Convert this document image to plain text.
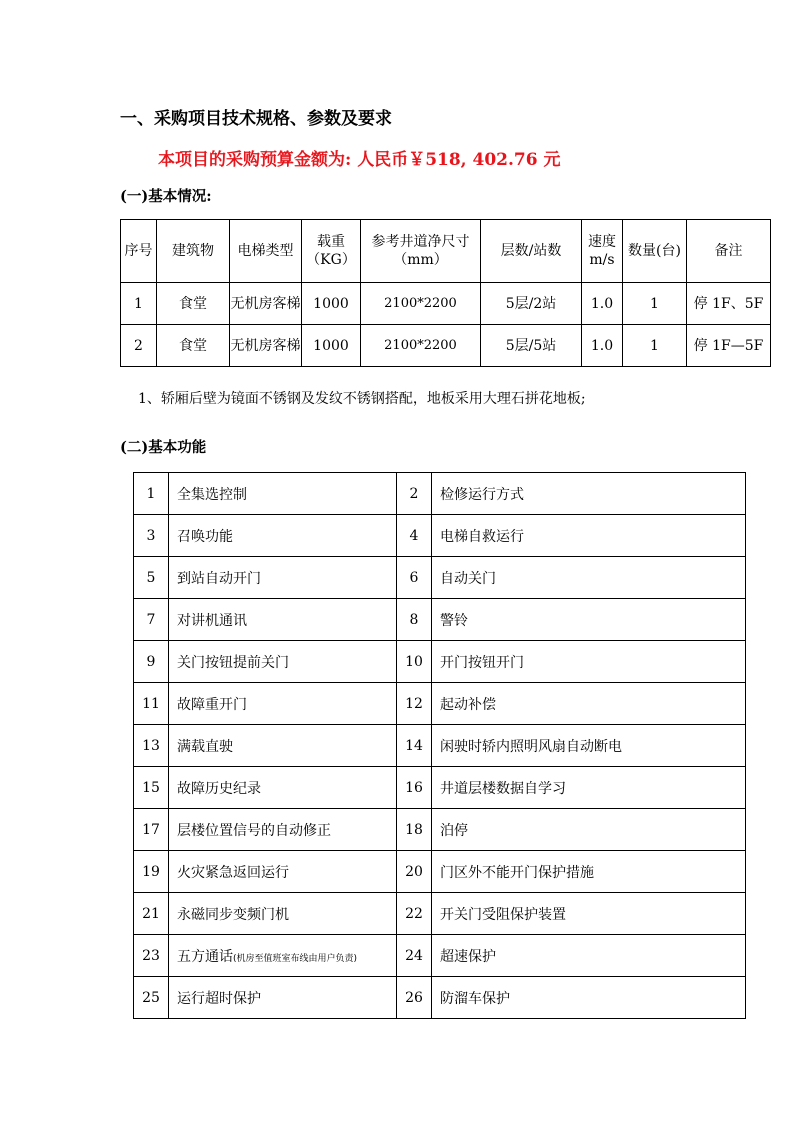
一、采购项目技术规格、参数及要求
本项目的采购预算金额为: 人民币￥518, 402.76 元
(一)基本情况:
序号	建筑物	电梯类型	载重（KG）	参考井道净尺寸（mm）	层数/站数	速度m/s	数量(台)	备注
1	食堂	无机房客梯	1000	2100*2200	5层/2站	1.0	1	停 1F、5F
2	食堂	无机房客梯	1000	2100*2200	5层/5站	1.0	1	停 1F—5F
1、轿厢后壁为镜面不锈钢及发纹不锈钢搭配，地板采用大理石拼花地板;
(二)基本功能
1	全集选控制	2	检修运行方式
3	召唤功能	4	电梯自救运行
5	到站自动开门	6	自动关门
7	对讲机通讯	8	警铃
9	关门按钮提前关门	10	开门按钮开门
11	故障重开门	12	起动补偿
13	满载直驶	14	闲驶时轿内照明风扇自动断电
15	故障历史纪录	16	井道层楼数据自学习
17	层楼位置信号的自动修正	18	泊停
19	火灾紧急返回运行	20	门区外不能开门保护措施
21	永磁同步变频门机	22	开关门受阻保护装置
23	五方通话(机房至值班室布线由用户负责)	24	超速保护
25	运行超时保护	26	防溜车保护
